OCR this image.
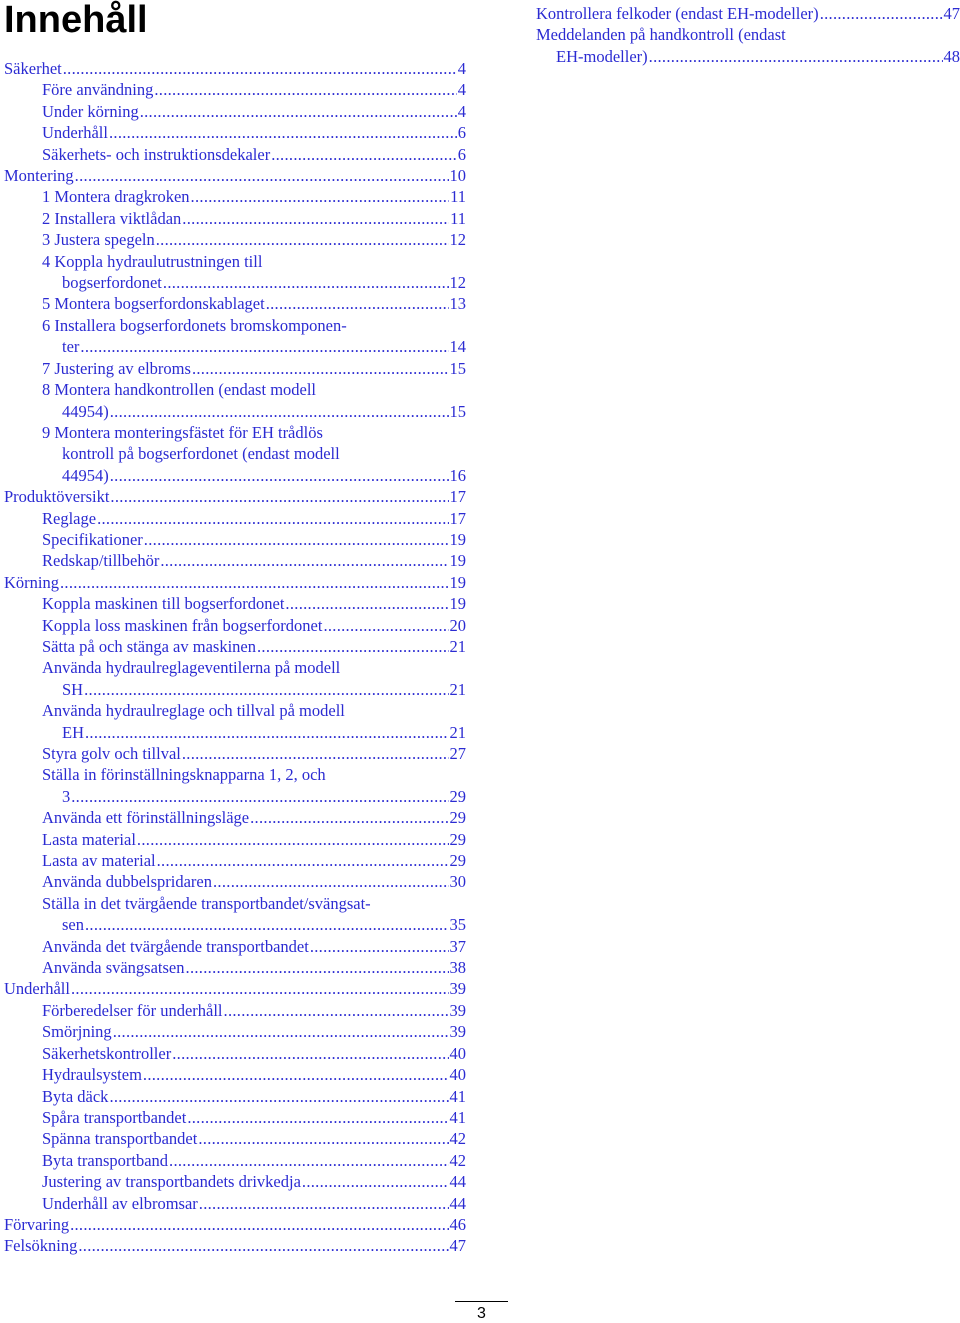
Innehåll
Säkerhet .....	4
Före användning .....	4
Under körning .....	4
Underhåll .....	6
Säkerhets- och instruktionsdekaler .....	6
Montering .....	10
1 Montera dragkroken .....	11
2 Installera viktlådan .....	11
3 Justera spegeln .....	12
4 Koppla hydraulutrustningen till
bogserfordonet .....	12
5 Montera bogserfordonskablaget .....	13
6 Installera bogserfordonets bromskomponen-
ter .....	14
7 Justering av elbroms .....	15
8 Montera handkontrollen (endast modell
44954) .....	15
9 Montera monteringsfästet för EH trådlös
kontroll på bogserfordonet (endast modell
44954) .....	16
Produktöversikt .....	17
Reglage .....	17
Specifikationer .....	19
Redskap/tillbehör .....	19
Körning .....	19
Koppla maskinen till bogserfordonet .....	19
Koppla loss maskinen från bogserfordonet .....	20
Sätta på och stänga av maskinen .....	21
Använda hydraulreglageventilerna på modell
SH .....	21
Använda hydraulreglage och tillval på modell
EH .....	21
Styra golv och tillval .....	27
Ställa in förinställningsknapparna 1, 2, och
3 .....	29
Använda ett förinställningsläge .....	29
Lasta material .....	29
Lasta av material .....	29
Använda dubbelspridaren .....	30
Ställa in det tvärgående transportbandet/svängsat-
sen .....	35
Använda det tvärgående transportbandet .....	37
Använda svängsatsen .....	38
Underhåll .....	39
Förberedelser för underhåll .....	39
Smörjning .....	39
Säkerhetskontroller .....	40
Hydraulsystem .....	40
Byta däck .....	41
Spåra transportbandet .....	41
Spänna transportbandet .....	42
Byta transportband .....	42
Justering av transportbandets drivkedja .....	44
Underhåll av elbromsar .....	44
Förvaring .....	46
Felsökning .....	47
Kontrollera felkoder (endast EH-modeller) .....	47
Meddelanden på handkontroll (endast
EH-modeller) .....	48
3
